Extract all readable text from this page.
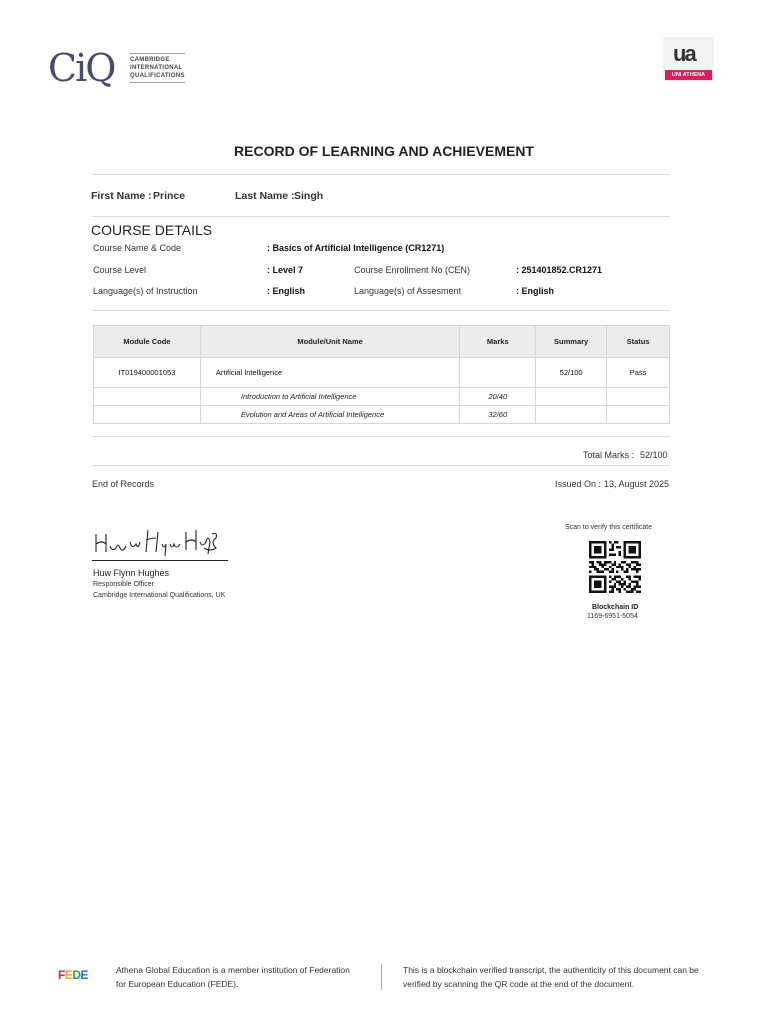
CiQ	CAMBRIDGE
INTERNATIONAL
QUALIFICATIONS
ua
UNI ATHENA
RECORD OF LEARNING AND ACHIEVEMENT
First Name : Prince	Last Name : Singh
COURSE DETAILS
Course Name & Code	: Basics of Artificial Intelligence (CR1271)
Course Level	: Level 7	Course Enrollment No (CEN)	: 251401852.CR1271
Language(s) of Instruction	: English	Language(s) of Assesment	: English
Module Code	Module/Unit Name	Marks	Summary	Status
IT019400001053	Artificial Intelligence		52/100	Pass
	Introduction to Artificial Intelligence	20/40		
	Evolution and Areas of Artificial Intelligence	32/60		
Total Marks : 52/100
End of Records	Issued On : 13, August 2025
Huw Flynn Hughes
Responsible Officer
Cambridge International Qualifications, UK
Scan to verify this certificate
Blockchain ID
1169-6951-5054
FEDE	Athena Global Education is a member institution of Federation
for European Education (FEDE).
This is a blockchain verified transcript, the authenticity of this document can be
verified by scanning the QR code at the end of the document.
